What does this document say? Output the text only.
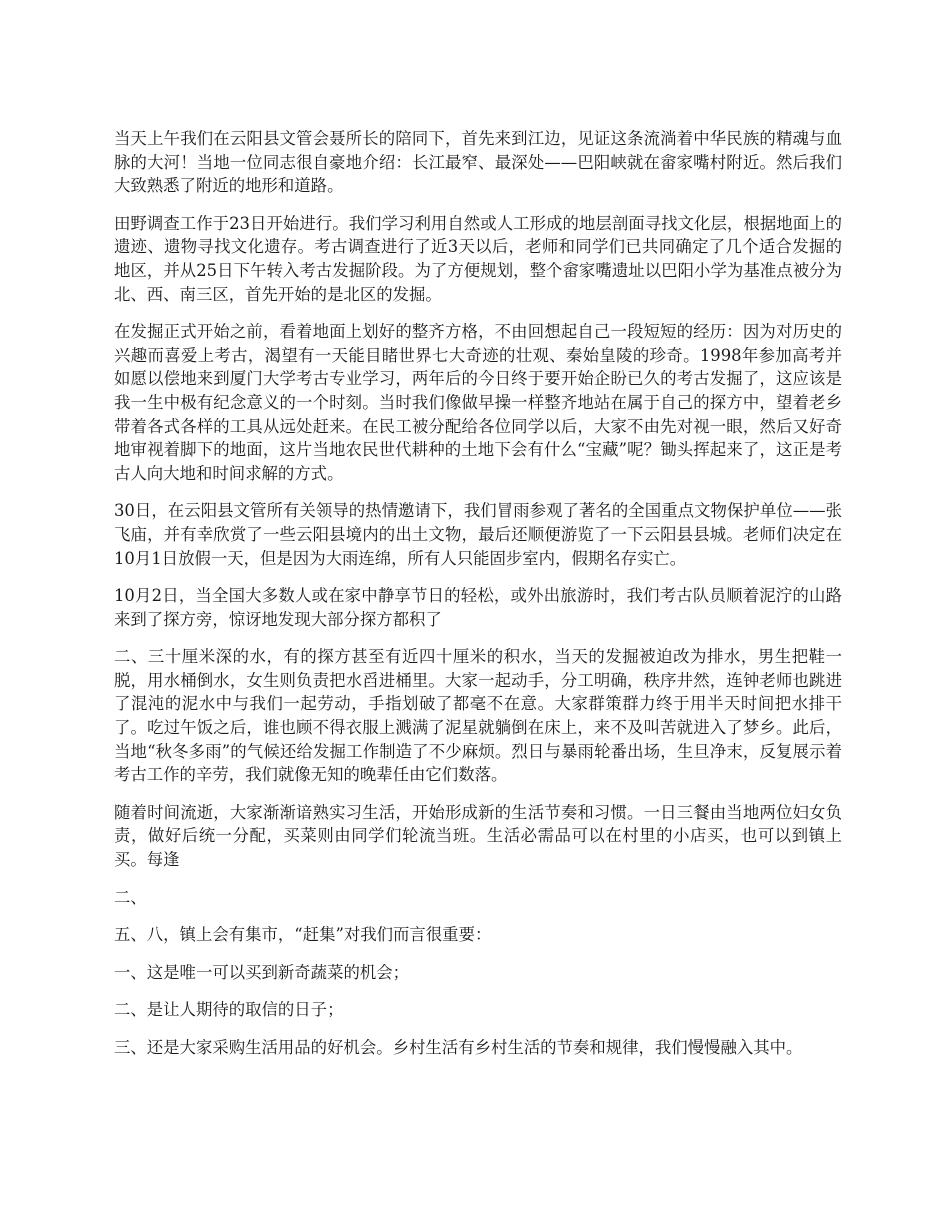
当天上午我们在云阳县文管会聂所长的陪同下，首先来到江边，见证这条流淌着中华民族的精魂与血脉的大河！当地一位同志很自豪地介绍：长江最窄、最深处——巴阳峡就在畲家嘴村附近。然后我们大致熟悉了附近的地形和道路。

田野调查工作于23日开始进行。我们学习利用自然或人工形成的地层剖面寻找文化层，根据地面上的遗迹、遗物寻找文化遗存。考古调查进行了近3天以后，老师和同学们已共同确定了几个适合发掘的地区，并从25日下午转入考古发掘阶段。为了方便规划，整个畲家嘴遗址以巴阳小学为基准点被分为北、西、南三区，首先开始的是北区的发掘。

在发掘正式开始之前，看着地面上划好的整齐方格，不由回想起自己一段短短的经历：因为对历史的兴趣而喜爱上考古，渴望有一天能目睹世界七大奇迹的壮观、秦始皇陵的珍奇。1998年参加高考并如愿以偿地来到厦门大学考古专业学习，两年后的今日终于要开始企盼已久的考古发掘了，这应该是我一生中极有纪念意义的一个时刻。当时我们像做早操一样整齐地站在属于自己的探方中，望着老乡带着各式各样的工具从远处赶来。在民工被分配给各位同学以后，大家不由先对视一眼，然后又好奇地审视着脚下的地面，这片当地农民世代耕种的土地下会有什么“宝藏”呢？锄头挥起来了，这正是考古人向大地和时间求解的方式。

30日，在云阳县文管所有关领导的热情邀请下，我们冒雨参观了著名的全国重点文物保护单位——张飞庙，并有幸欣赏了一些云阳县境内的出土文物，最后还顺便游览了一下云阳县县城。老师们决定在10月1日放假一天，但是因为大雨连绵，所有人只能固步室内，假期名存实亡。

10月2日，当全国大多数人或在家中静享节日的轻松，或外出旅游时，我们考古队员顺着泥泞的山路来到了探方旁，惊讶地发现大部分探方都积了

二、三十厘米深的水，有的探方甚至有近四十厘米的积水，当天的发掘被迫改为排水，男生把鞋一脱，用水桶倒水，女生则负责把水舀进桶里。大家一起动手，分工明确，秩序井然，连钟老师也跳进了混沌的泥水中与我们一起劳动，手指划破了都毫不在意。大家群策群力终于用半天时间把水排干了。吃过午饭之后，谁也顾不得衣服上溅满了泥星就躺倒在床上，来不及叫苦就进入了梦乡。此后，当地“秋冬多雨”的气候还给发掘工作制造了不少麻烦。烈日与暴雨轮番出场，生旦净末，反复展示着考古工作的辛劳，我们就像无知的晚辈任由它们数落。

随着时间流逝，大家渐渐谙熟实习生活，开始形成新的生活节奏和习惯。一日三餐由当地两位妇女负责，做好后统一分配，买菜则由同学们轮流当班。生活必需品可以在村里的小店买，也可以到镇上买。每逢

二、

五、八，镇上会有集市，“赶集”对我们而言很重要：

一、这是唯一可以买到新奇蔬菜的机会；

二、是让人期待的取信的日子；

三、还是大家采购生活用品的好机会。乡村生活有乡村生活的节奏和规律，我们慢慢融入其中。
